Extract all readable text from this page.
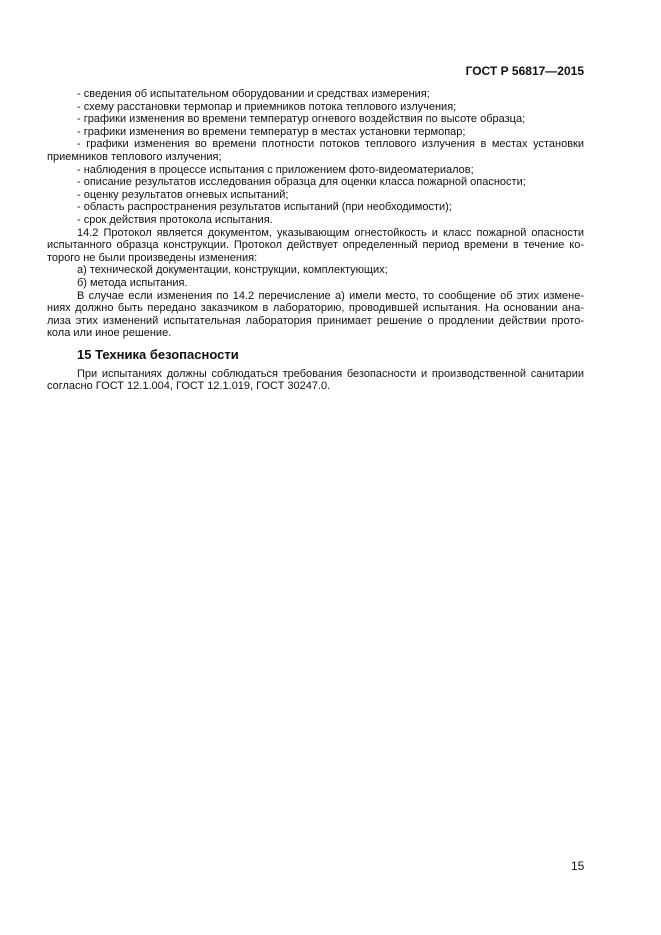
ГОСТ Р 56817—2015
- сведения об испытательном оборудовании и средствах измерения;
- схему расстановки термопар и приемников потока теплового излучения;
- графики изменения во времени температур огневого воздействия по высоте образца;
- графики изменения во времени температур в местах установки термопар;
- графики изменения во времени плотности потоков теплового излучения в местах установки
приемников теплового излучения;
- наблюдения в процессе испытания с приложением фото-видеоматериалов;
- описание результатов исследования образца для оценки класса пожарной опасности;
- оценку результатов огневых испытаний;
- область распространения результатов испытаний (при необходимости);
- срок действия протокола испытания.
14.2 Протокол является документом, указывающим огнестойкость и класс пожарной опасности
испытанного образца конструкции. Протокол действует определенный период времени в течение ко-
торого не были произведены изменения:
а) технической документации, конструкции, комплектующих;
б) метода испытания.
В случае если изменения по 14.2 перечисление а) имели место, то сообщение об этих измене-
ниях должно быть передано заказчиком в лабораторию, проводившей испытания. На основании ана-
лиза этих изменений испытательная лаборатория принимает решение о продлении действии прото-
кола или иное решение.
15 Техника безопасности
При испытаниях должны соблюдаться требования безопасности и производственной санитарии
согласно ГОСТ 12.1.004, ГОСТ 12.1.019, ГОСТ 30247.0.
15
